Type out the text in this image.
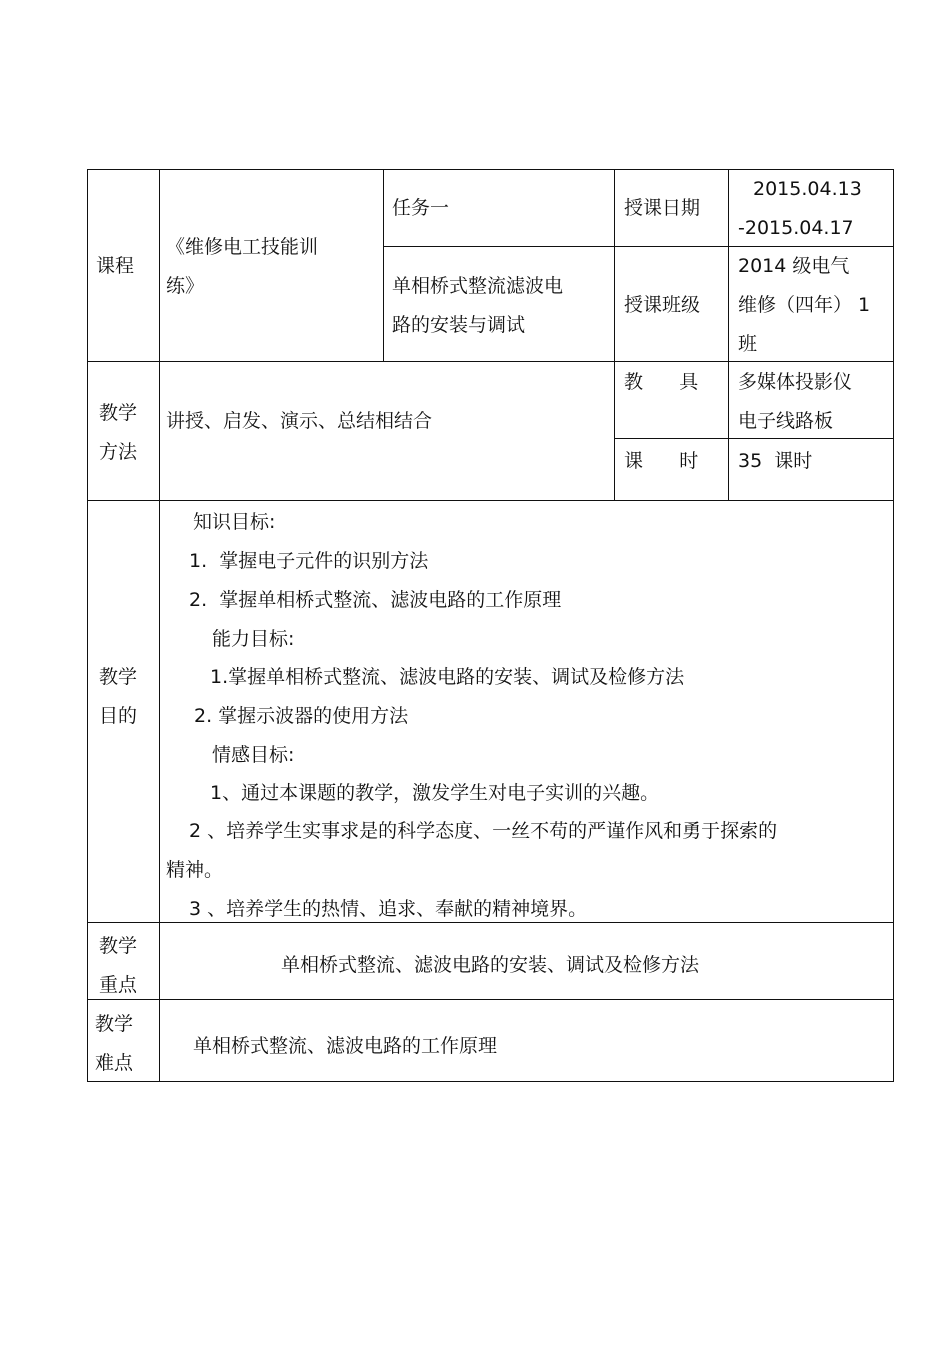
课程
《维修电工技能训
练》
任务一
单相桥式整流滤波电
路的安装与调试
授课日期
2015.04.13
-2015.04.17
授课班级
2014 级电气
维修（四年） 1
班
教学
方法
讲授、启发、演示、总结相结合
教      具 多媒体投影仪
电子线路板
课      时 35  课时
教学
目的
知识目标:
1.  掌握电子元件的识别方法
2.  掌握单相桥式整流、滤波电路的工作原理
能力目标:
1.掌握单相桥式整流、滤波电路的安装、调试及检修方法
2. 掌握示波器的使用方法
情感目标:
1、通过本课题的教学，激发学生对电子实训的兴趣。
2 、培养学生实事求是的科学态度、一丝不苟的严谨作风和勇于探索的
精神。
3 、培养学生的热情、追求、奉献的精神境界。
教学
重点
单相桥式整流、滤波电路的安装、调试及检修方法
教学
难点
单相桥式整流、滤波电路的工作原理
